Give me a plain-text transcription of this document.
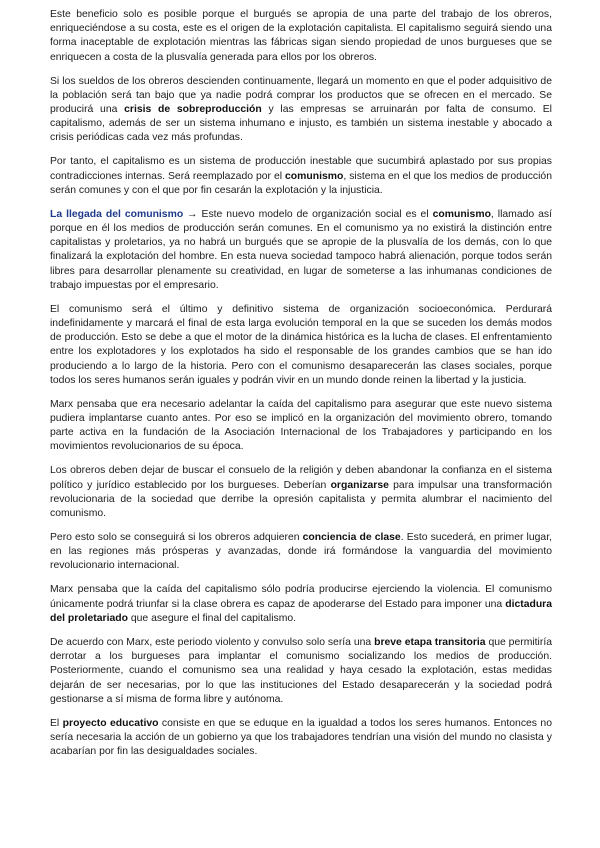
Este beneficio solo es posible porque el burgués se apropia de una parte del trabajo de los obreros, enriqueciéndose a su costa, este es el origen de la explotación capitalista. El capitalismo seguirá siendo una forma inaceptable de explotación mientras las fábricas sigan siendo propiedad de unos burgueses que se enriquecen a costa de la plusvalía generada para ellos por los obreros.

Si los sueldos de los obreros descienden continuamente, llegará un momento en que el poder adquisitivo de la población será tan bajo que ya nadie podrá comprar los productos que se ofrecen en el mercado. Se producirá una crisis de sobreproducción y las empresas se arruinarán por falta de consumo. El capitalismo, además de ser un sistema inhumano e injusto, es también un sistema inestable y abocado a crisis periódicas cada vez más profundas.

Por tanto, el capitalismo es un sistema de producción inestable que sucumbirá aplastado por sus propias contradicciones internas. Será reemplazado por el comunismo, sistema en el que los medios de producción serán comunes y con el que por fin cesarán la explotación y la injusticia.

La llegada del comunismo → Este nuevo modelo de organización social es el comunismo, llamado así porque en él los medios de producción serán comunes. En el comunismo ya no existirá la distinción entre capitalistas y proletarios, ya no habrá un burgués que se apropie de la plusvalía de los demás, con lo que finalizará la explotación del hombre. En esta nueva sociedad tampoco habrá alienación, porque todos serán libres para desarrollar plenamente su creatividad, en lugar de someterse a las inhumanas condiciones de trabajo impuestas por el empresario.

El comunismo será el último y definitivo sistema de organización socioeconómica. Perdurará indefinidamente y marcará el final de esta larga evolución temporal en la que se suceden los demás modos de producción. Esto se debe a que el motor de la dinámica histórica es la lucha de clases. El enfrentamiento entre los explotadores y los explotados ha sido el responsable de los grandes cambios que se han ido produciendo a lo largo de la historia. Pero con el comunismo desaparecerán las clases sociales, porque todos los seres humanos serán iguales y podrán vivir en un mundo donde reinen la libertad y la justicia.

Marx pensaba que era necesario adelantar la caída del capitalismo para asegurar que este nuevo sistema pudiera implantarse cuanto antes. Por eso se implicó en la organización del movimiento obrero, tomando parte activa en la fundación de la Asociación Internacional de los Trabajadores y participando en los movimientos revolucionarios de su época.

Los obreros deben dejar de buscar el consuelo de la religión y deben abandonar la confianza en el sistema político y jurídico establecido por los burgueses. Deberían organizarse para impulsar una transformación revolucionaria de la sociedad que derribe la opresión capitalista y permita alumbrar el nacimiento del comunismo.

Pero esto solo se conseguirá si los obreros adquieren conciencia de clase. Esto sucederá, en primer lugar, en las regiones más prósperas y avanzadas, donde irá formándose la vanguardia del movimiento revolucionario internacional.

Marx pensaba que la caída del capitalismo sólo podría producirse ejerciendo la violencia. El comunismo únicamente podrá triunfar si la clase obrera es capaz de apoderarse del Estado para imponer una dictadura del proletariado que asegure el final del capitalismo.

De acuerdo con Marx, este periodo violento y convulso solo sería una breve etapa transitoria que permitiría derrotar a los burgueses para implantar el comunismo socializando los medios de producción. Posteriormente, cuando el comunismo sea una realidad y haya cesado la explotación, estas medidas dejarán de ser necesarias, por lo que las instituciones del Estado desaparecerán y la sociedad podrá gestionarse a sí misma de forma libre y autónoma.

El proyecto educativo consiste en que se eduque en la igualdad a todos los seres humanos. Entonces no sería necesaria la acción de un gobierno ya que los trabajadores tendrían una visión del mundo no clasista y acabarían por fin las desigualdades sociales.
